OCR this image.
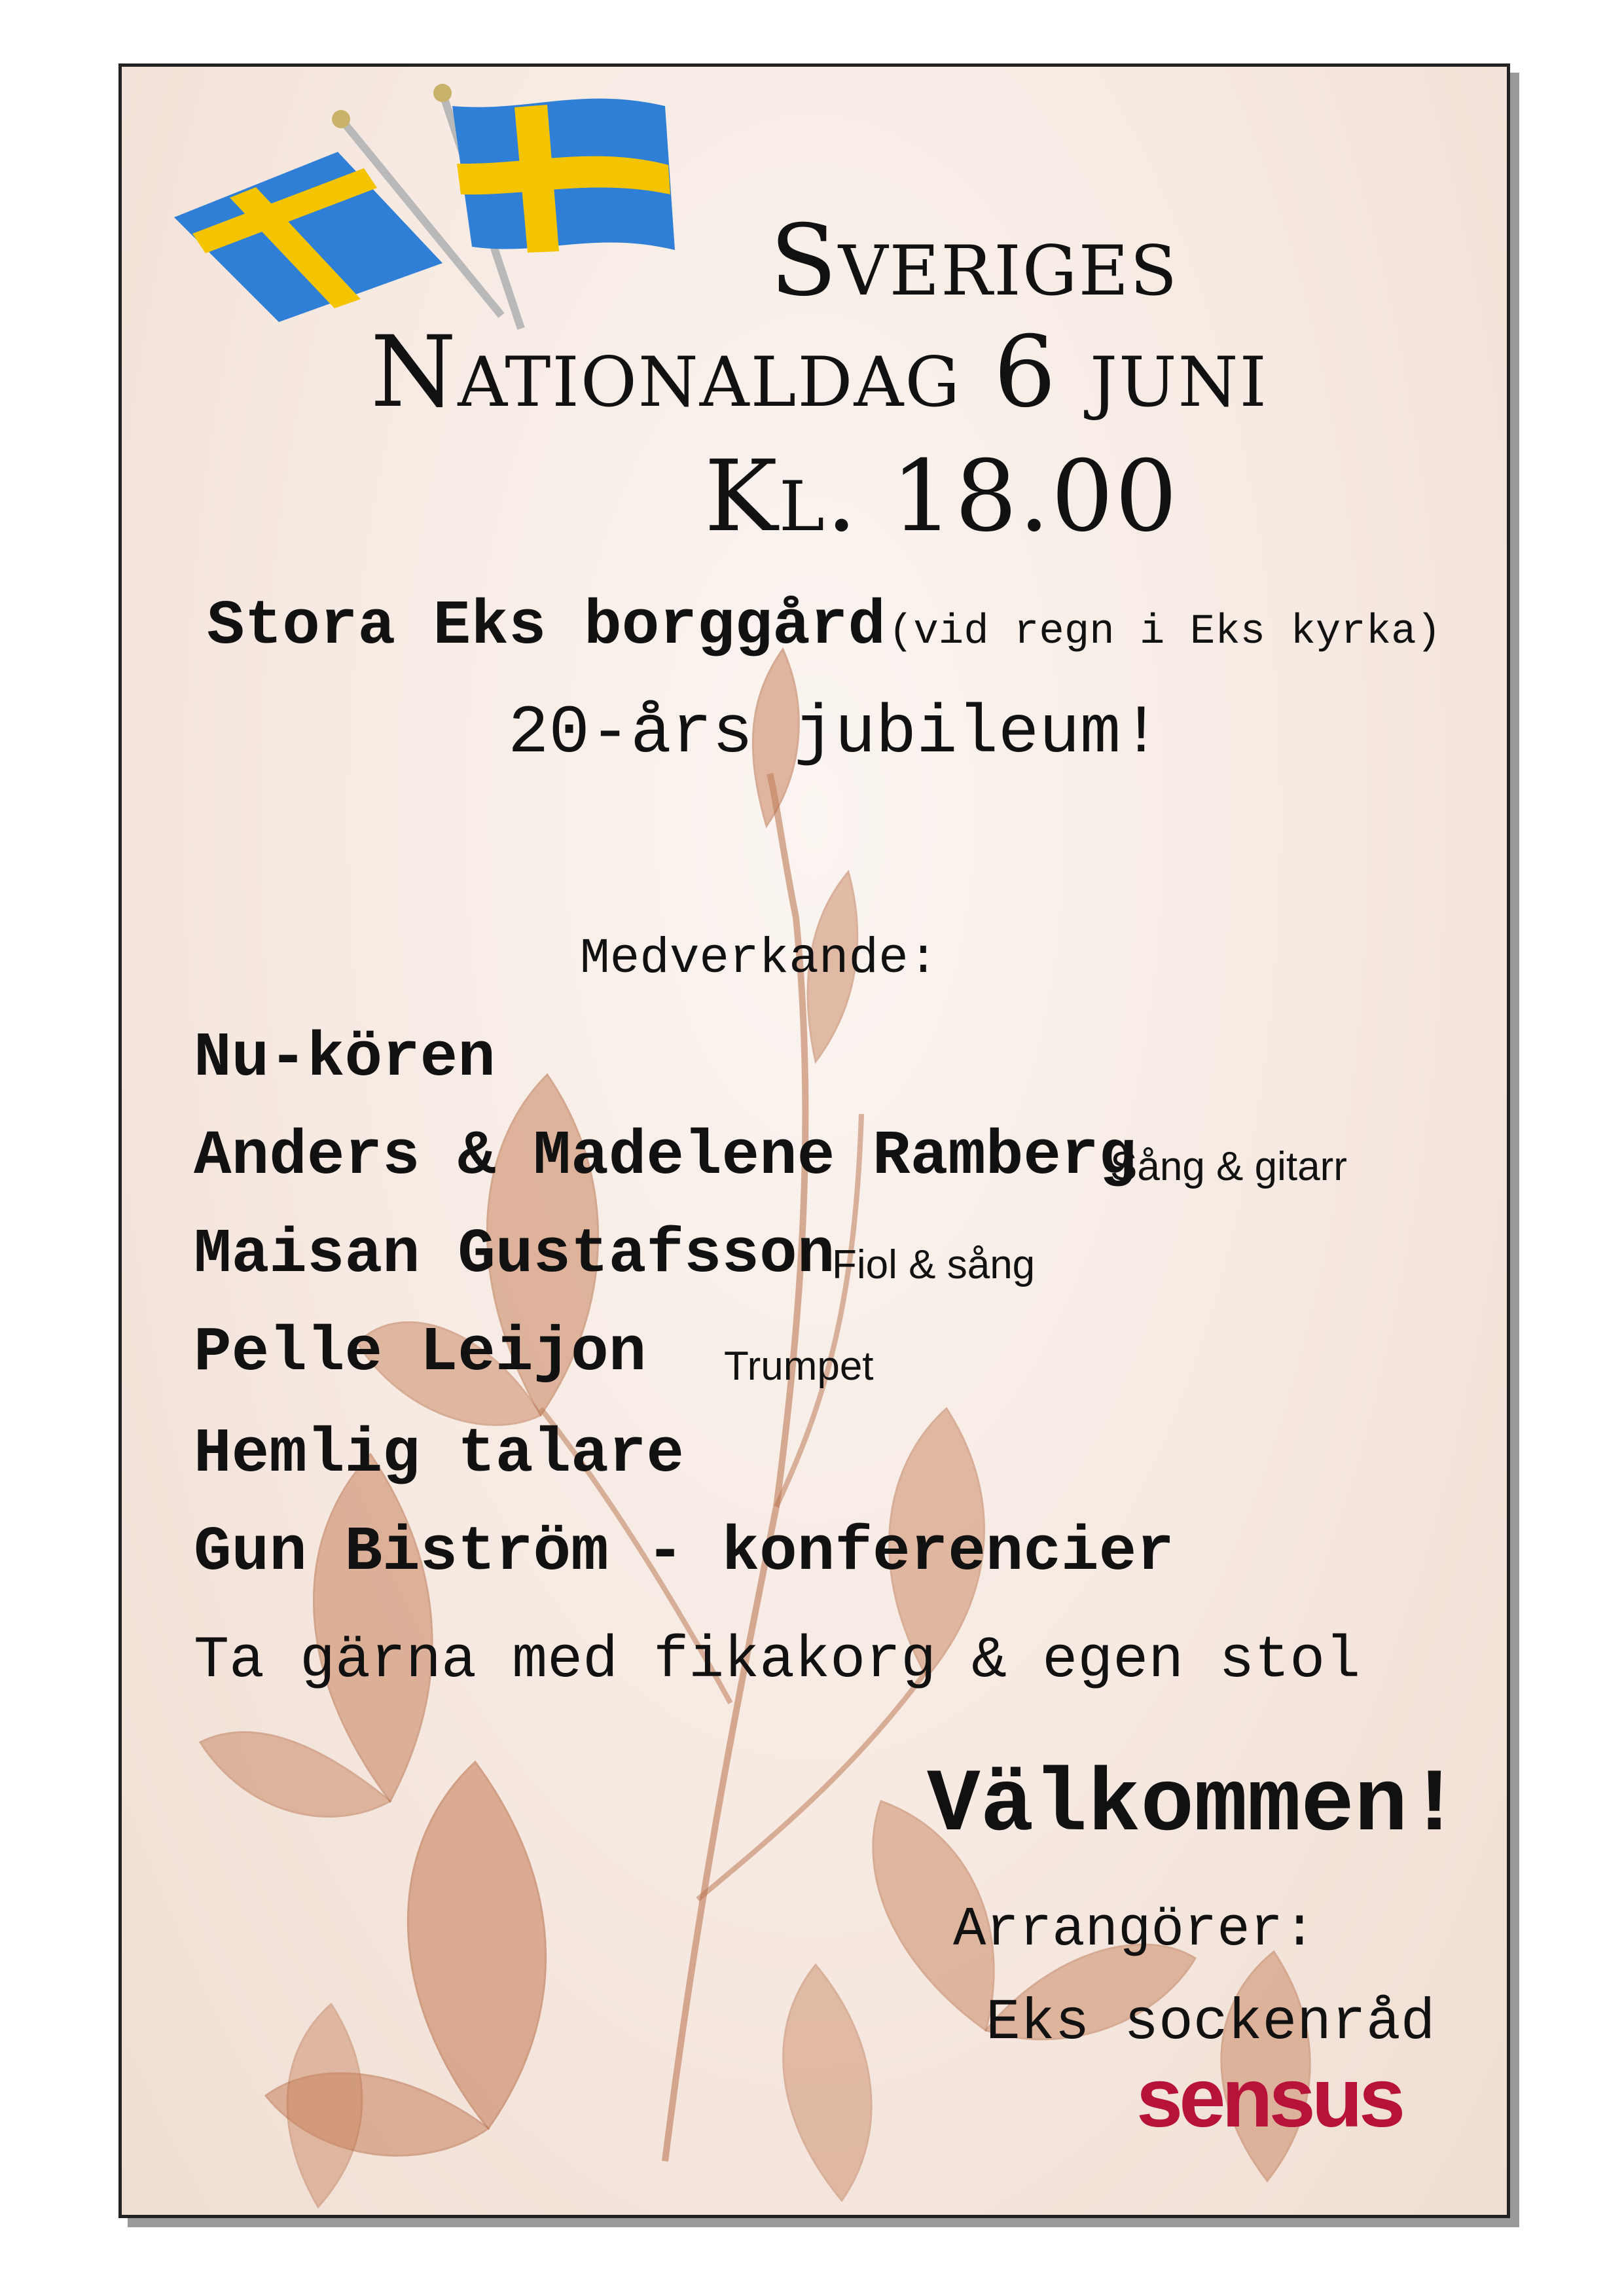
Sveriges
Nationaldag 6 juni
Kl. 18.00
Stora Eks borggård (vid regn i Eks kyrka)
20-års jubileum!
Medverkande:
Nu-kören
Anders & Madelene Ramberg
Sång & gitarr
Maisan Gustafsson
Fiol & sång
Pelle Leijon Trumpet
Hemlig talare
Gun Biström - konferencier
Ta gärna med fikakorg & egen stol
Välkommen!
Arrangörer:
Eks sockenråd
sensus
